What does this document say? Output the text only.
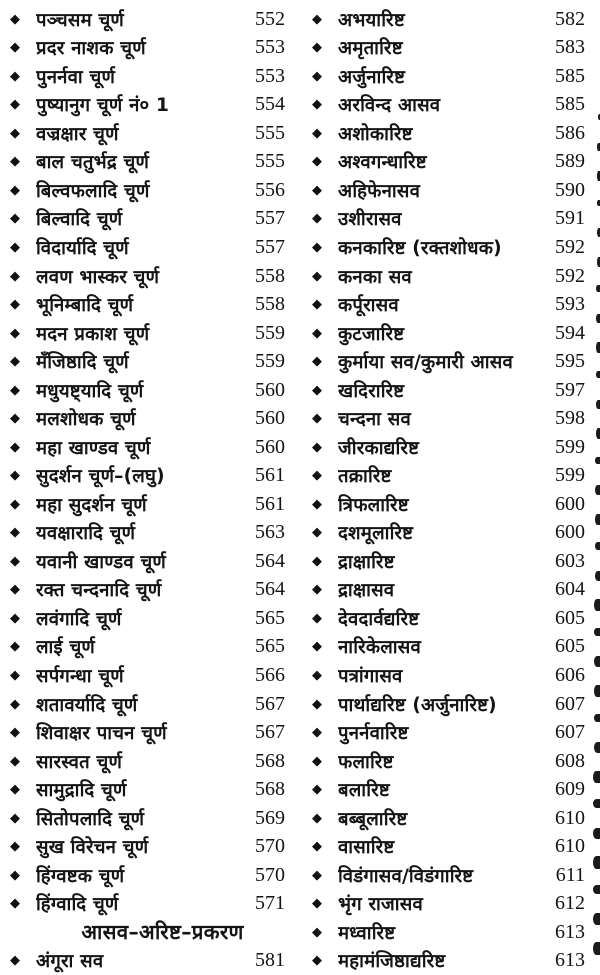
◆ पञ्चसम चूर्ण	552
◆ प्रदर नाशक चूर्ण	553
◆ पुनर्नवा चूर्ण	553
◆ पुष्यानुग चूर्ण नं० 1	554
◆ वज्रक्षार चूर्ण	555
◆ बाल चतुर्भद्र चूर्ण	555
◆ बिल्वफलादि चूर्ण	556
◆ बिल्वादि चूर्ण	557
◆ विदार्यादि चूर्ण	557
◆ लवण भास्कर चूर्ण	558
◆ भूनिम्बादि चूर्ण	558
◆ मदन प्रकाश चूर्ण	559
◆ मँजिष्ठादि चूर्ण	559
◆ मधुयष्ट्यादि चूर्ण	560
◆ मलशोधक चूर्ण	560
◆ महा खाण्डव चूर्ण	560
◆ सुदर्शन चूर्ण–(लघु)	561
◆ महा सुदर्शन चूर्ण	561
◆ यवक्षारादि चूर्ण	563
◆ यवानी खाण्डव चूर्ण	564
◆ रक्त चन्दनादि चूर्ण	564
◆ लवंगादि चूर्ण	565
◆ लाई चूर्ण	565
◆ सर्पगन्धा चूर्ण	566
◆ शतावर्यादि चूर्ण	567
◆ शिवाक्षर पाचन चूर्ण	567
◆ सारस्वत चूर्ण	568
◆ सामुद्रादि चूर्ण	568
◆ सितोपलादि चूर्ण	569
◆ सुख विरेचन चूर्ण	570
◆ हिंग्वष्टक चूर्ण	570
◆ हिंग्वादि चूर्ण	571
आसव–अरिष्ट–प्रकरण
◆ अंगूरा सव	581
◆ अभयारिष्ट	582
◆ अमृतारिष्ट	583
◆ अर्जुनारिष्ट	585
◆ अरविन्द आसव	585
◆ अशोकारिष्ट	586
◆ अश्वगन्धारिष्ट	589
◆ अहिफेनासव	590
◆ उशीरासव	591
◆ कनकारिष्ट (रक्तशोधक)	592
◆ कनका सव	592
◆ कर्पूरासव	593
◆ कुटजारिष्ट	594
◆ कुर्माया सव/कुमारी आसव	595
◆ खदिरारिष्ट	597
◆ चन्दना सव	598
◆ जीरकाद्यरिष्ट	599
◆ तक्रारिष्ट	599
◆ त्रिफलारिष्ट	600
◆ दशमूलारिष्ट	600
◆ द्राक्षारिष्ट	603
◆ द्राक्षासव	604
◆ देवदार्वद्यरिष्ट	605
◆ नारिकेलासव	605
◆ पत्रांगासव	606
◆ पार्थाद्यरिष्ट (अर्जुनारिष्ट)	607
◆ पुनर्नवारिष्ट	607
◆ फलारिष्ट	608
◆ बलारिष्ट	609
◆ बब्बूलारिष्ट	610
◆ वासारिष्ट	610
◆ विडंगासव/विडंगारिष्ट	611
◆ भृंग राजासव	612
◆ मध्वारिष्ट	613
◆ महामंजिष्ठाद्यरिष्ट	613
